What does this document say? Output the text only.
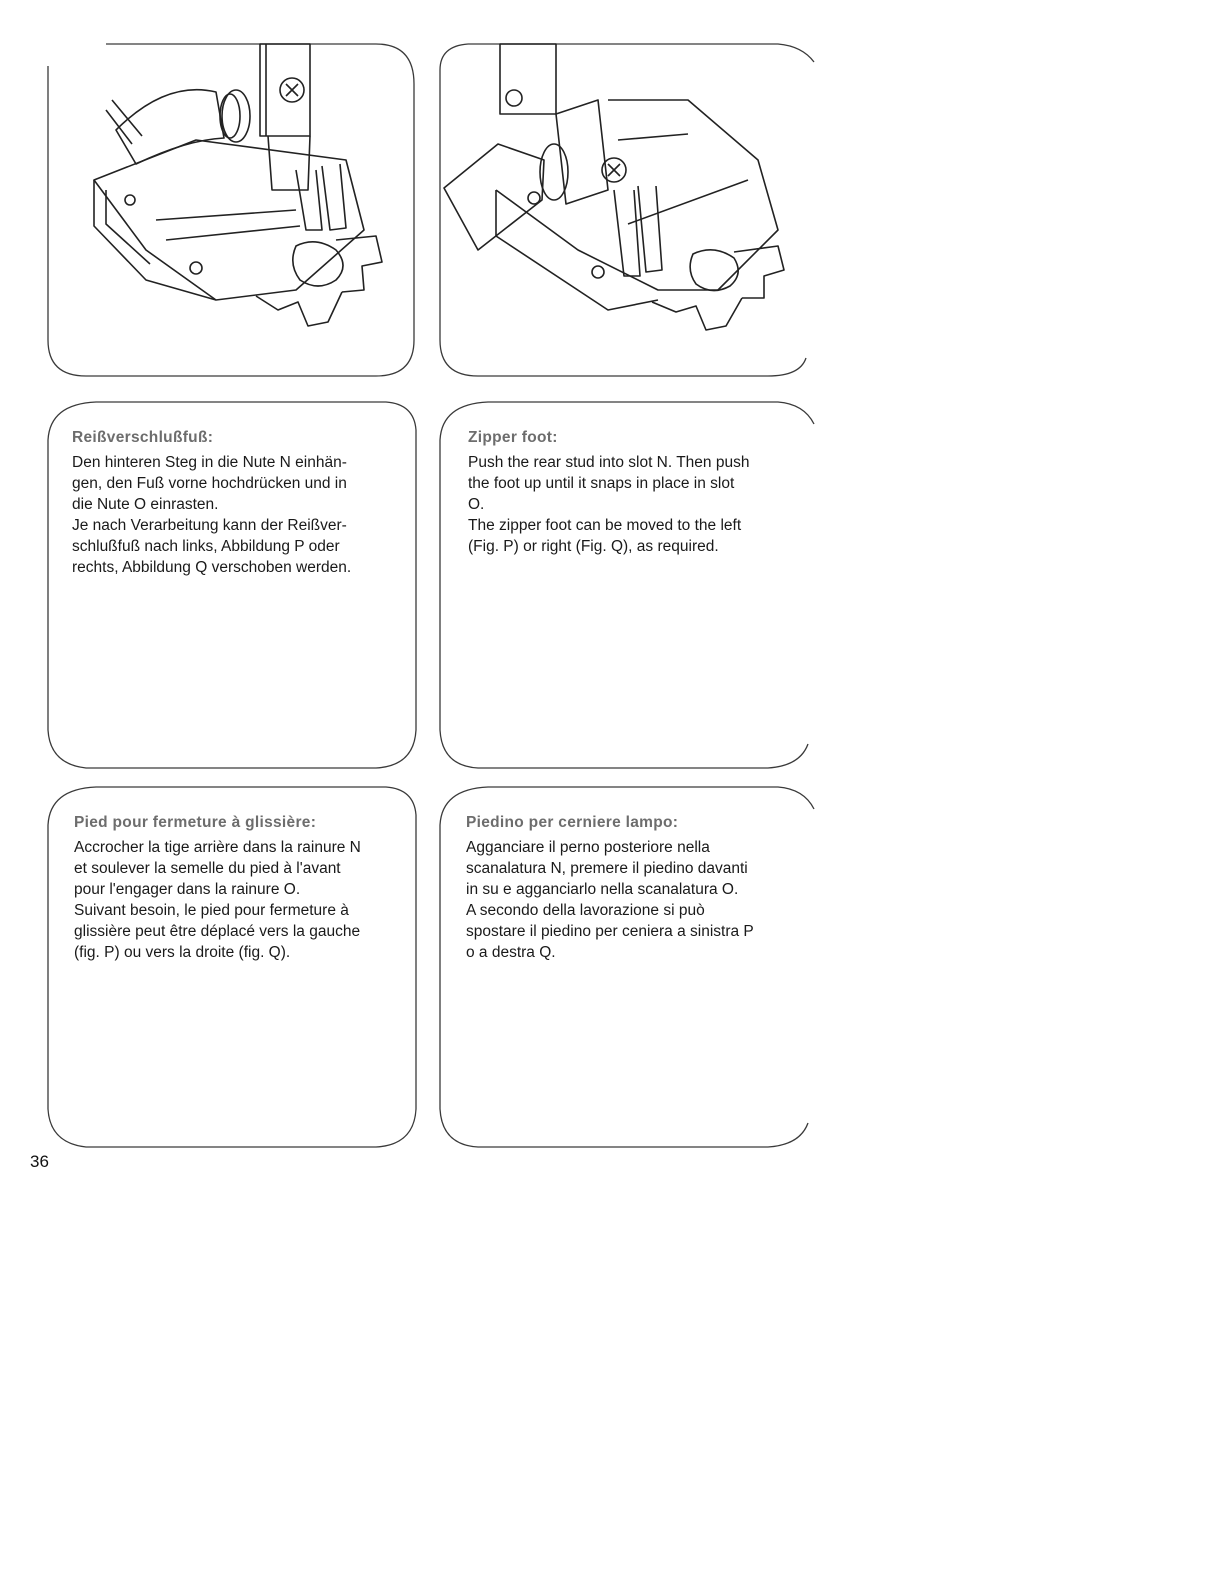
Reißverschlußfuß:
Den hinteren Steg in die Nute N einhän-
gen, den Fuß vorne hochdrücken und in
die Nute O einrasten.
Je nach Verarbeitung kann der Reißver-
schlußfuß nach links, Abbildung P oder
rechts, Abbildung Q verschoben werden.
Zipper foot:
Push the rear stud into slot N. Then push
the foot up until it snaps in place in slot
O.
The zipper foot can be moved to the left
(Fig. P) or right (Fig. Q), as required.
Pied pour fermeture à glissière:
Accrocher la tige arrière dans la rainure N
et soulever la semelle du pied à l'avant
pour l'engager dans la rainure O.
Suivant besoin, le pied pour fermeture à
glissière peut être déplacé vers la gauche
(fig. P) ou vers la droite (fig. Q).
Piedino per cerniere lampo:
Agganciare il perno posteriore nella
scanalatura N, premere il piedino davanti
in su e agganciarlo nella scanalatura O.
A secondo della lavorazione si può
spostare il piedino per ceniera a sinistra P
o a destra Q.
36
